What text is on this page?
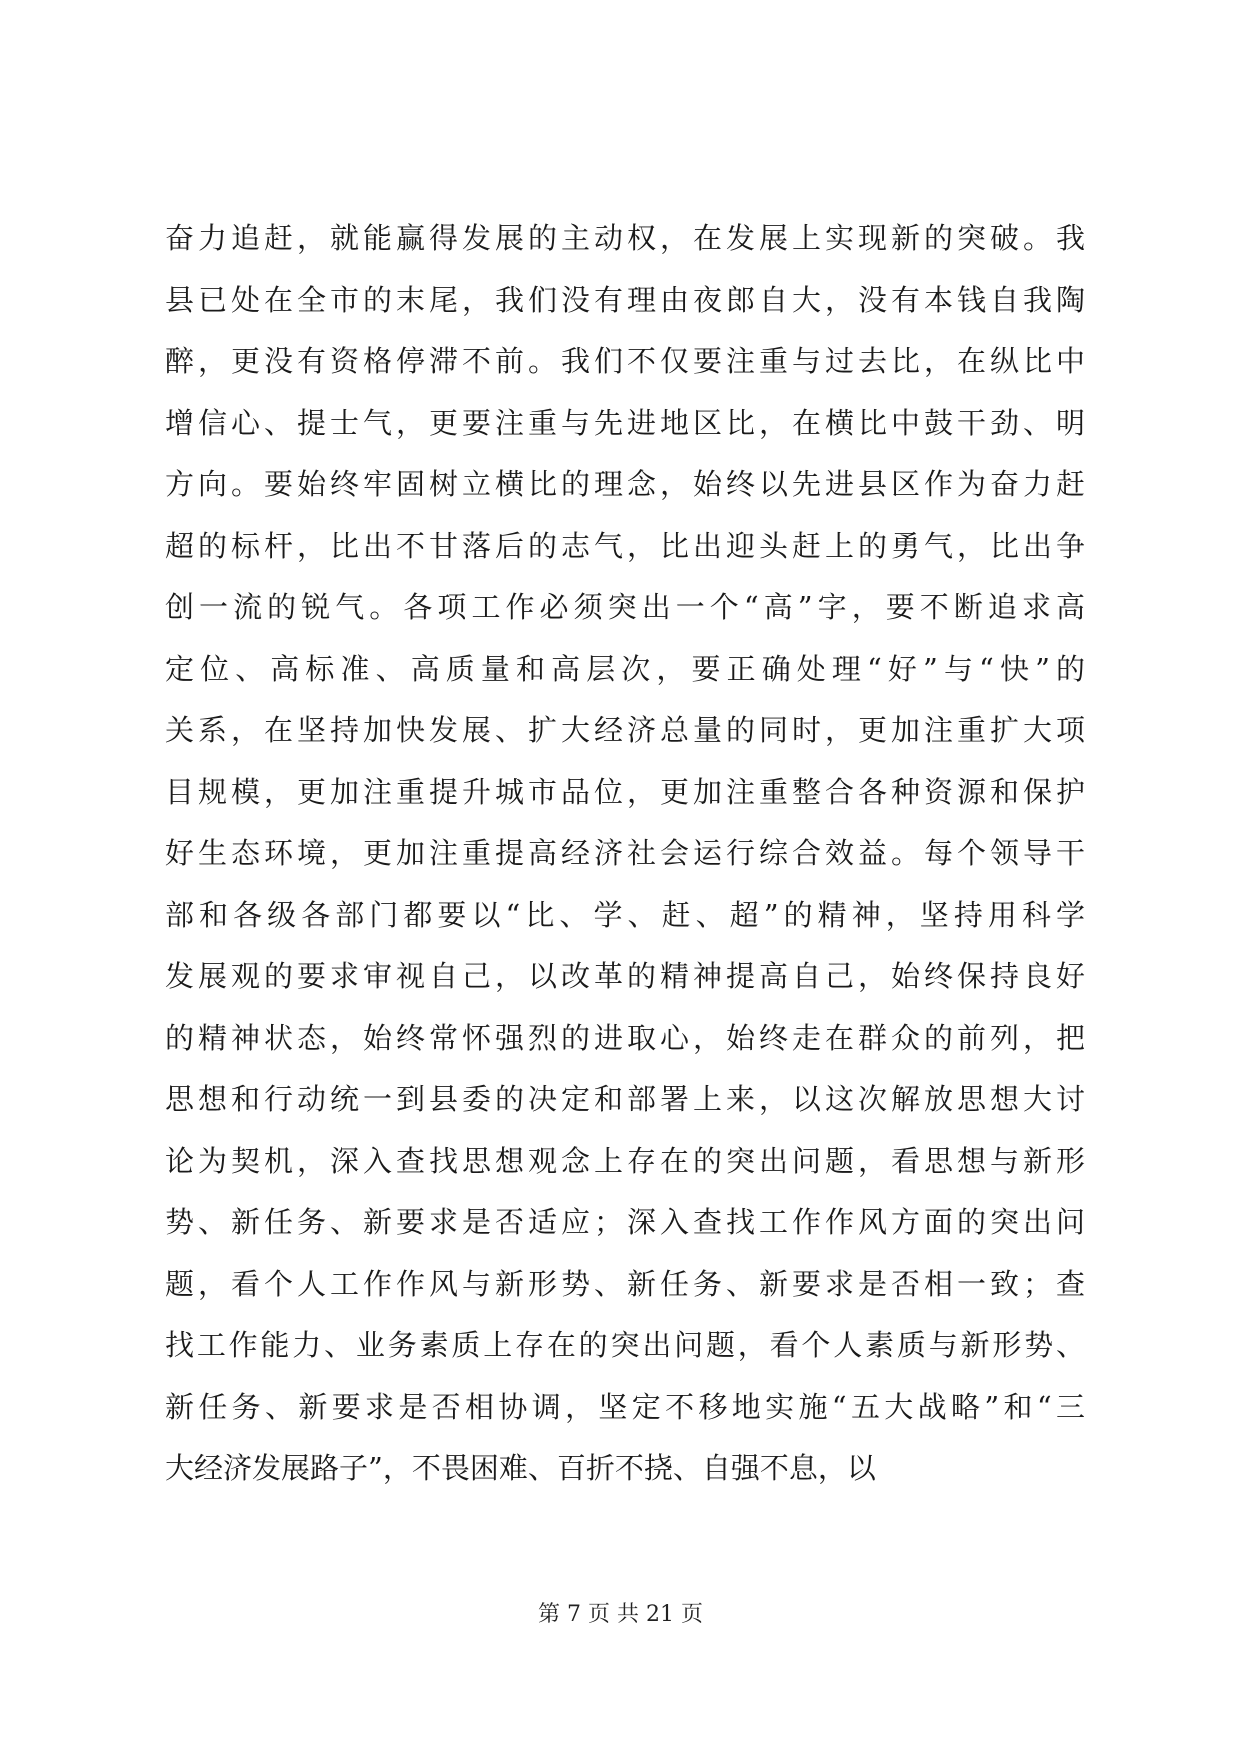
奋力追赶，就能赢得发展的主动权，在发展上实现新的突破。我
县已处在全市的末尾，我们没有理由夜郎自大，没有本钱自我陶
醉，更没有资格停滞不前。我们不仅要注重与过去比，在纵比中
增信心、提士气，更要注重与先进地区比，在横比中鼓干劲、明
方向。要始终牢固树立横比的理念，始终以先进县区作为奋力赶
超的标杆，比出不甘落后的志气，比出迎头赶上的勇气，比出争
创一流的锐气。各项工作必须突出一个“高”字，要不断追求高
定位、高标准、高质量和高层次，要正确处理“好”与“快”的
关系，在坚持加快发展、扩大经济总量的同时，更加注重扩大项
目规模，更加注重提升城市品位，更加注重整合各种资源和保护
好生态环境，更加注重提高经济社会运行综合效益。每个领导干
部和各级各部门都要以“比、学、赶、超”的精神，坚持用科学
发展观的要求审视自己，以改革的精神提高自己，始终保持良好
的精神状态，始终常怀强烈的进取心，始终走在群众的前列，把
思想和行动统一到县委的决定和部署上来，以这次解放思想大讨
论为契机，深入查找思想观念上存在的突出问题，看思想与新形
势、新任务、新要求是否适应；深入查找工作作风方面的突出问
题，看个人工作作风与新形势、新任务、新要求是否相一致；查
找工作能力、业务素质上存在的突出问题，看个人素质与新形势、
新任务、新要求是否相协调，坚定不移地实施“五大战略”和“三
大经济发展路子”，不畏困难、百折不挠、自强不息，以
第 7 页 共 21 页
